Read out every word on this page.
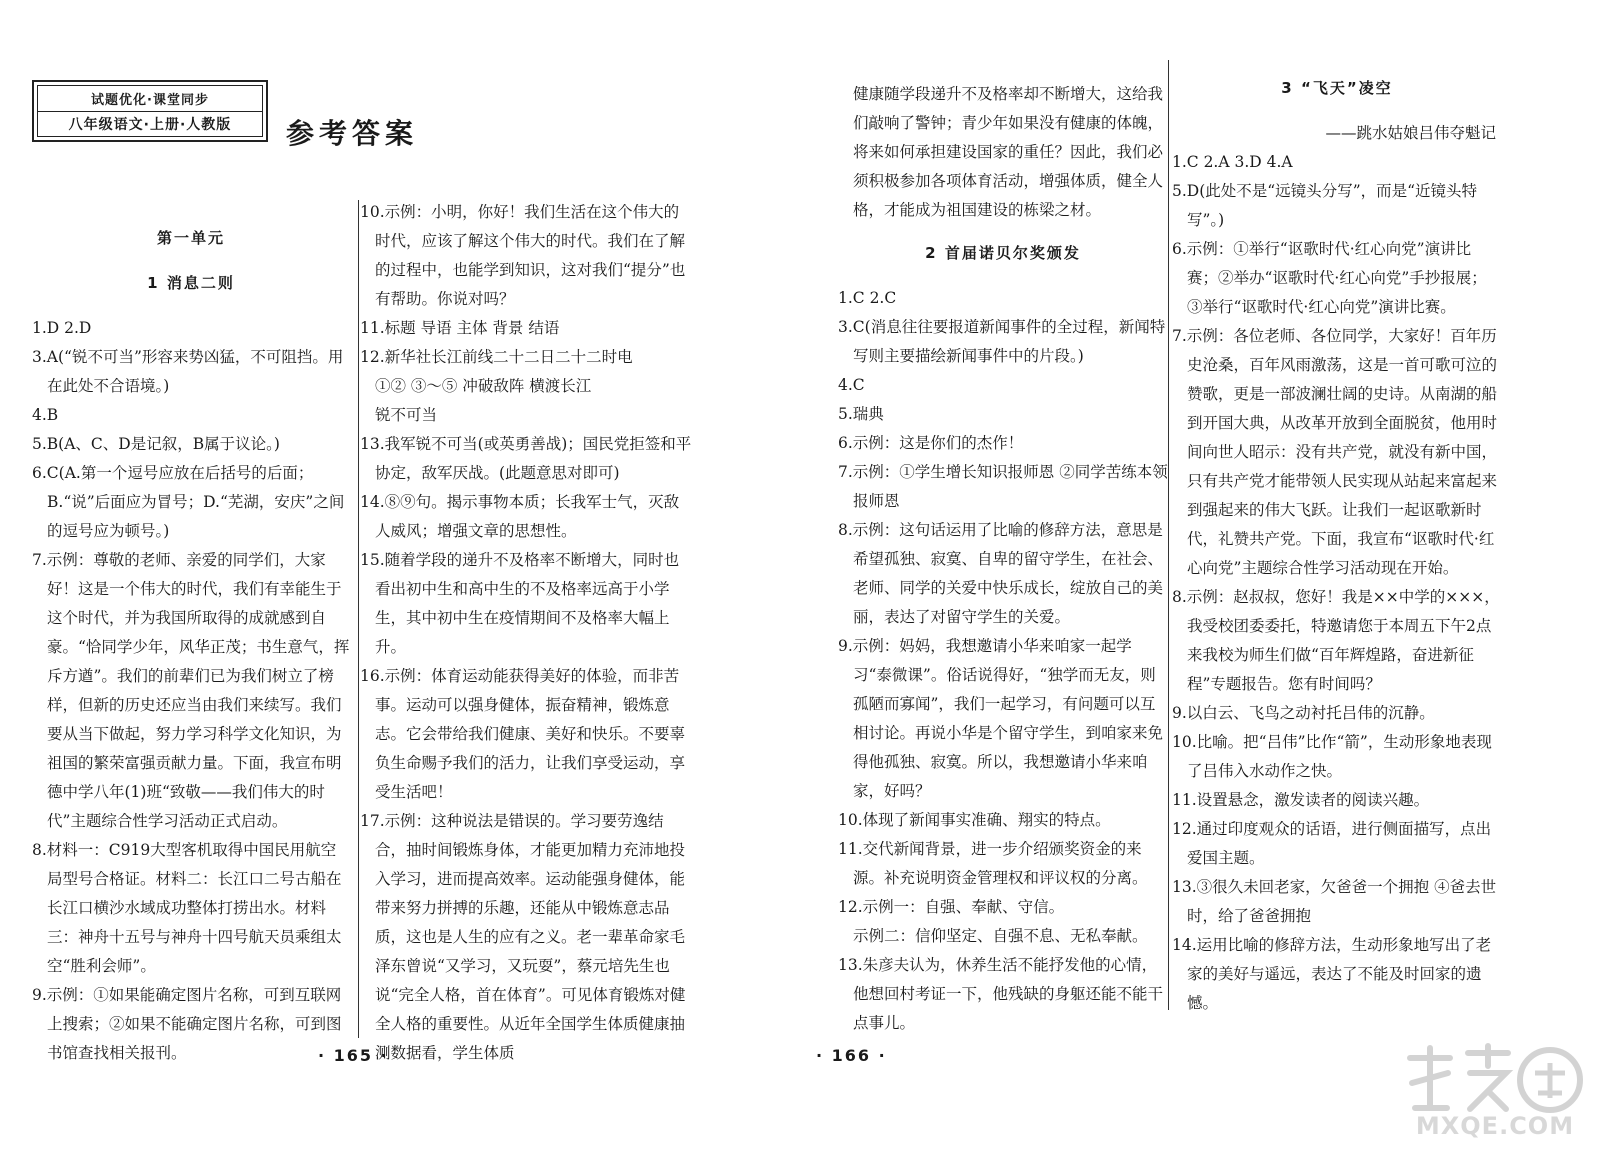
试题优化·课堂同步
八年级语文·上册·人教版	参考答案

第一单元

1 消息二则

1.D 2.D

3.A(“锐不可当”形容来势凶猛，不可阻挡。用在此处不合语境。)

4.B

5.B(A、C、D是记叙，B属于议论。)

6.C(A.第一个逗号应放在后括号的后面；B.“说”后面应为冒号；D.“芜湖，安庆”之间的逗号应为顿号。)

7.示例：尊敬的老师、亲爱的同学们，大家好！这是一个伟大的时代，我们有幸能生于这个时代，并为我国所取得的成就感到自豪。“恰同学少年，风华正茂；书生意气，挥斥方遒”。我们的前辈们已为我们树立了榜样，但新的历史还应当由我们来续写。我们要从当下做起，努力学习科学文化知识，为祖国的繁荣富强贡献力量。下面，我宣布明德中学八年(1)班“致敬——我们伟大的时代”主题综合性学习活动正式启动。

8.材料一：C919大型客机取得中国民用航空局型号合格证。材料二：长江口二号古船在长江口横沙水域成功整体打捞出水。材料三：神舟十五号与神舟十四号航天员乘组太空“胜利会师”。

9.示例：①如果能确定图片名称，可到互联网上搜索；②如果不能确定图片名称，可到图书馆查找相关报刊。

10.示例：小明，你好！我们生活在这个伟大的时代，应该了解这个伟大的时代。我们在了解的过程中，也能学到知识，这对我们“提分”也有帮助。你说对吗？

11.标题 导语 主体 背景 结语

12.新华社长江前线二十二日二十二时电

①② ③～⑤ 冲破敌阵 横渡长江

锐不可当

13.我军锐不可当(或英勇善战)；国民党拒签和平协定，敌军厌战。(此题意思对即可)

14.⑧⑨句。揭示事物本质；长我军士气，灭敌人威风；增强文章的思想性。

15.随着学段的递升不及格率不断增大，同时也看出初中生和高中生的不及格率远高于小学生，其中初中生在疫情期间不及格率大幅上升。

16.示例：体育运动能获得美好的体验，而非苦事。运动可以强身健体，振奋精神，锻炼意志。它会带给我们健康、美好和快乐。不要辜负生命赐予我们的活力，让我们享受运动，享受生活吧！

17.示例：这种说法是错误的。学习要劳逸结合，抽时间锻炼身体，才能更加精力充沛地投入学习，进而提高效率。运动能强身健体，能带来努力拼搏的乐趣，还能从中锻炼意志品质，这也是人生的应有之义。老一辈革命家毛泽东曾说“又学习，又玩耍”，蔡元培先生也说“完全人格，首在体育”。可见体育锻炼对健全人格的重要性。从近年全国学生体质健康抽测数据看，学生体质

· 165 ·

健康随学段递升不及格率却不断增大，这给我们敲响了警钟；青少年如果没有健康的体魄，将来如何承担建设国家的重任？因此，我们必须积极参加各项体育活动，增强体质，健全人格，才能成为祖国建设的栋梁之材。

2 首届诺贝尔奖颁发

1.C 2.C

3.C(消息往往要报道新闻事件的全过程，新闻特写则主要描绘新闻事件中的片段。)

4.C

5.瑞典

6.示例：这是你们的杰作！

7.示例：①学生增长知识报师恩 ②同学苦练本领报师恩

8.示例：这句话运用了比喻的修辞方法，意思是希望孤独、寂寞、自卑的留守学生，在社会、老师、同学的关爱中快乐成长，绽放自己的美丽，表达了对留守学生的关爱。

9.示例：妈妈，我想邀请小华来咱家一起学习“泰微课”。俗话说得好，“独学而无友，则孤陋而寡闻”，我们一起学习，有问题可以互相讨论。再说小华是个留守学生，到咱家来免得他孤独、寂寞。所以，我想邀请小华来咱家，好吗？

10.体现了新闻事实准确、翔实的特点。

11.交代新闻背景，进一步介绍颁奖资金的来源。补充说明资金管理权和评议权的分离。

12.示例一：自强、奉献、守信。

示例二：信仰坚定、自强不息、无私奉献。

13.朱彦夫认为，休养生活不能抒发他的心情，他想回村考证一下，他残缺的身躯还能不能干点事儿。

3 “飞天”凌空

——跳水姑娘吕伟夺魁记

1.C 2.A 3.D 4.A

5.D(此处不是“远镜头分写”，而是“近镜头特写”。)

6.示例：①举行“讴歌时代·红心向党”演讲比赛；②举办“讴歌时代·红心向党”手抄报展；③举行“讴歌时代·红心向党”演讲比赛。

7.示例：各位老师、各位同学，大家好！百年历史沧桑，百年风雨激荡，这是一首可歌可泣的赞歌，更是一部波澜壮阔的史诗。从南湖的船到开国大典，从改革开放到全面脱贫，他用时间向世人昭示：没有共产党，就没有新中国，只有共产党才能带领人民实现从站起来富起来到强起来的伟大飞跃。让我们一起讴歌新时代，礼赞共产党。下面，我宣布“讴歌时代·红心向党”主题综合性学习活动现在开始。

8.示例：赵叔叔，您好！我是××中学的×××，我受校团委委托，特邀请您于本周五下午2点来我校为师生们做“百年辉煌路，奋进新征程”专题报告。您有时间吗？

9.以白云、飞鸟之动衬托吕伟的沉静。

10.比喻。把“吕伟”比作“箭”，生动形象地表现了吕伟入水动作之快。

11.设置悬念，激发读者的阅读兴趣。

12.通过印度观众的话语，进行侧面描写，点出爱国主题。

13.③很久未回老家，欠爸爸一个拥抱 ④爸去世时，给了爸爸拥抱

14.运用比喻的修辞方法，生动形象地写出了老家的美好与遥远，表达了不能及时回家的遗憾。

· 166 ·
MXQE.COM
